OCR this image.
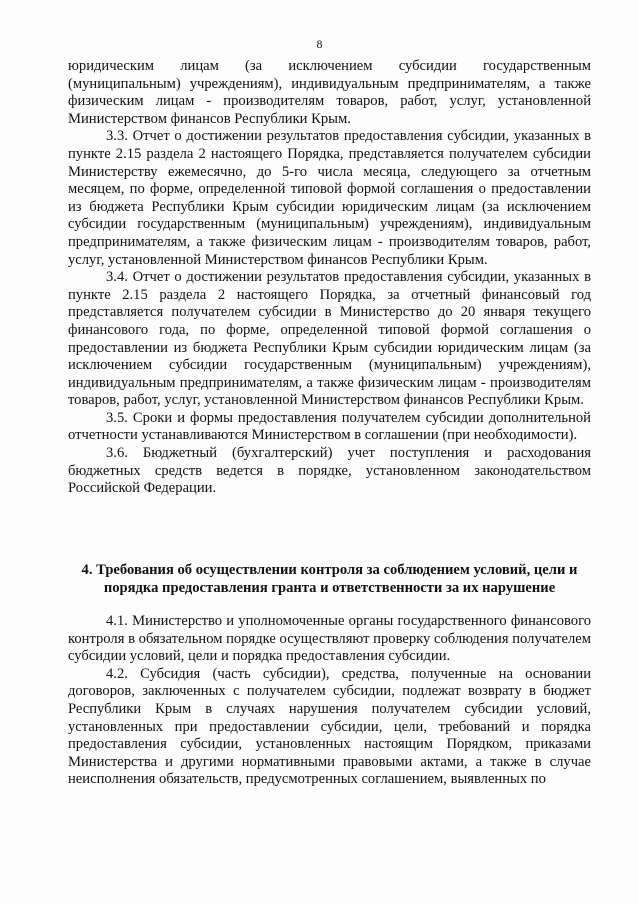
8

юридическим лицам (за исключением субсидии государственным (муниципальным) учреждениям), индивидуальным предпринимателям, а также физическим лицам - производителям товаров, работ, услуг, установленной Министерством финансов Республики Крым.

3.3. Отчет о достижении результатов предоставления субсидии, указанных в пункте 2.15 раздела 2 настоящего Порядка, представляется получателем субсидии Министерству ежемесячно, до 5-го числа месяца, следующего за отчетным месяцем, по форме, определенной типовой формой соглашения о предоставлении из бюджета Республики Крым субсидии юридическим лицам (за исключением субсидии государственным (муниципальным) учреждениям), индивидуальным предпринимателям, а также физическим лицам - производителям товаров, работ, услуг, установленной Министерством финансов Республики Крым.

3.4. Отчет о достижении результатов предоставления субсидии, указанных в пункте 2.15 раздела 2 настоящего Порядка, за отчетный финансовый год представляется получателем субсидии в Министерство до 20 января текущего финансового года, по форме, определенной типовой формой соглашения о предоставлении из бюджета Республики Крым субсидии юридическим лицам (за исключением субсидии государственным (муниципальным) учреждениям), индивидуальным предпринимателям, а также физическим лицам - производителям товаров, работ, услуг, установленной Министерством финансов Республики Крым.

3.5. Сроки и формы предоставления получателем субсидии дополнительной отчетности устанавливаются Министерством в соглашении (при необходимости).

3.6. Бюджетный (бухгалтерский) учет поступления и расходования бюджетных средств ведется в порядке, установленном законодательством Российской Федерации.

4. Требования об осуществлении контроля за соблюдением условий, цели и порядка предоставления гранта и ответственности за их нарушение

4.1. Министерство и уполномоченные органы государственного финансового контроля в обязательном порядке осуществляют проверку соблюдения получателем субсидии условий, цели и порядка предоставления субсидии.

4.2. Субсидия (часть субсидии), средства, полученные на основании договоров, заключенных с получателем субсидии, подлежат возврату в бюджет Республики Крым в случаях нарушения получателем субсидии условий, установленных при предоставлении субсидии, цели, требований и порядка предоставления субсидии, установленных настоящим Порядком, приказами Министерства и другими нормативными правовыми актами, а также в случае неисполнения обязательств, предусмотренных соглашением, выявленных по
